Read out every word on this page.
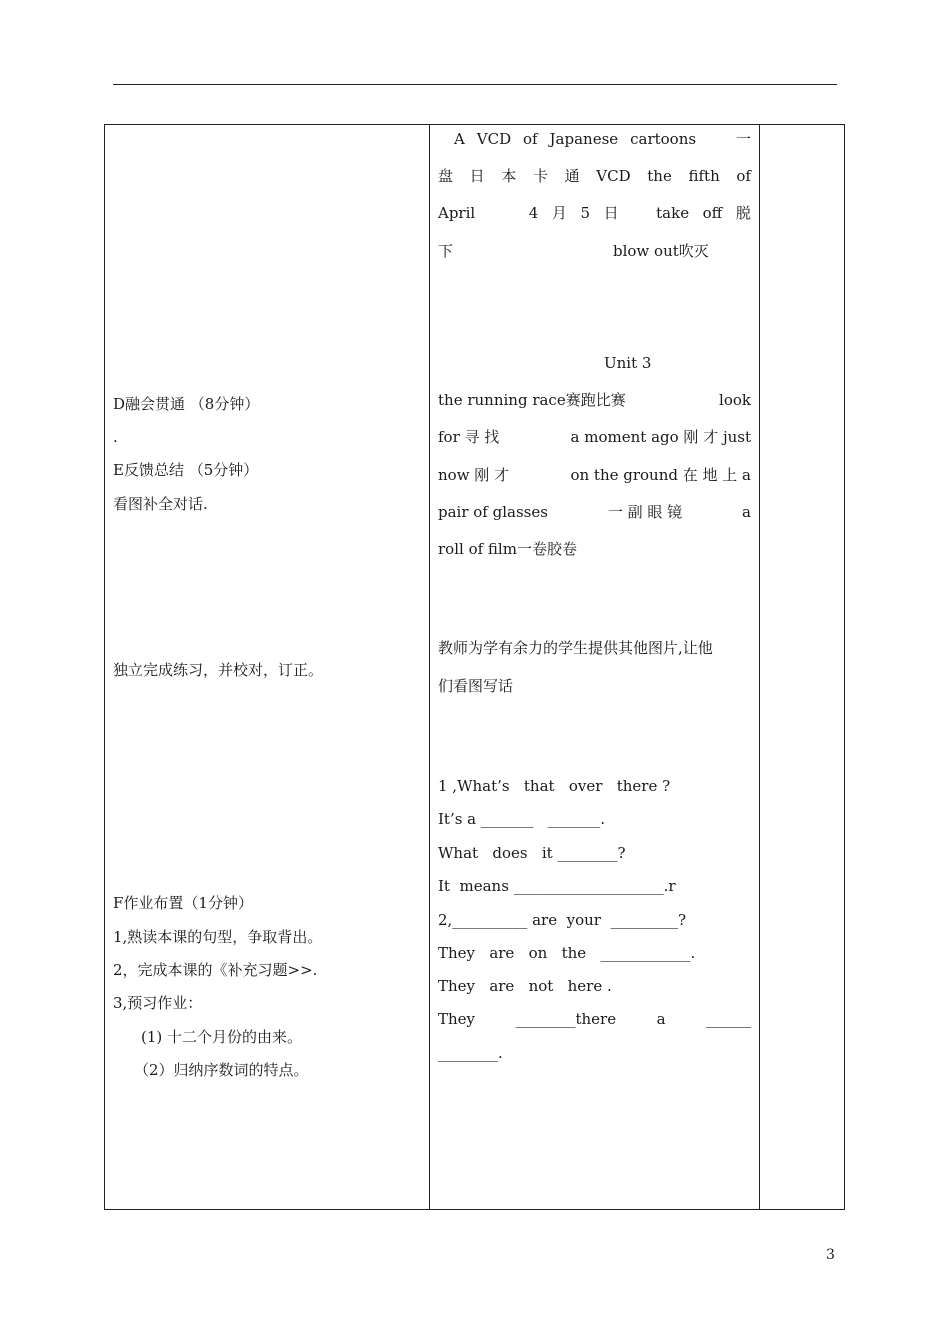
D融会贯通 （8分钟）
.
E反馈总结 （5分钟）
看图补全对话.
独立完成练习，并校对，订正。
F作业布置（1分钟）
1,熟读本课的句型，争取背出。
2，完成本课的《补充习题>>.
3,预习作业：
(1) 十二个月份的由来。
（2）归纳序数词的特点。
A VCD of Japanese cartoons	一
盘 日 本 卡 通 VCD the fifth of
April	4 月 5 日	take off 脱
下	blow out吹灭
Unit 3
the running race赛跑比赛	look
for 寻 找	a moment ago 刚 才 just
now 刚 才	on the ground 在 地 上 a
pair of glasses	一 副 眼 镜	a
roll of film一卷胶卷
教师为学有余力的学生提供其他图片,让他
们看图写话
1 ,What’s   that   over   there ?
It’s a _______   _______.
What   does   it ________?
It  means ____________________.r
2,__________ are  your  _________?
They   are   on   the   ____________.
They   are   not   here .
They	________there	a	______
________.
3
